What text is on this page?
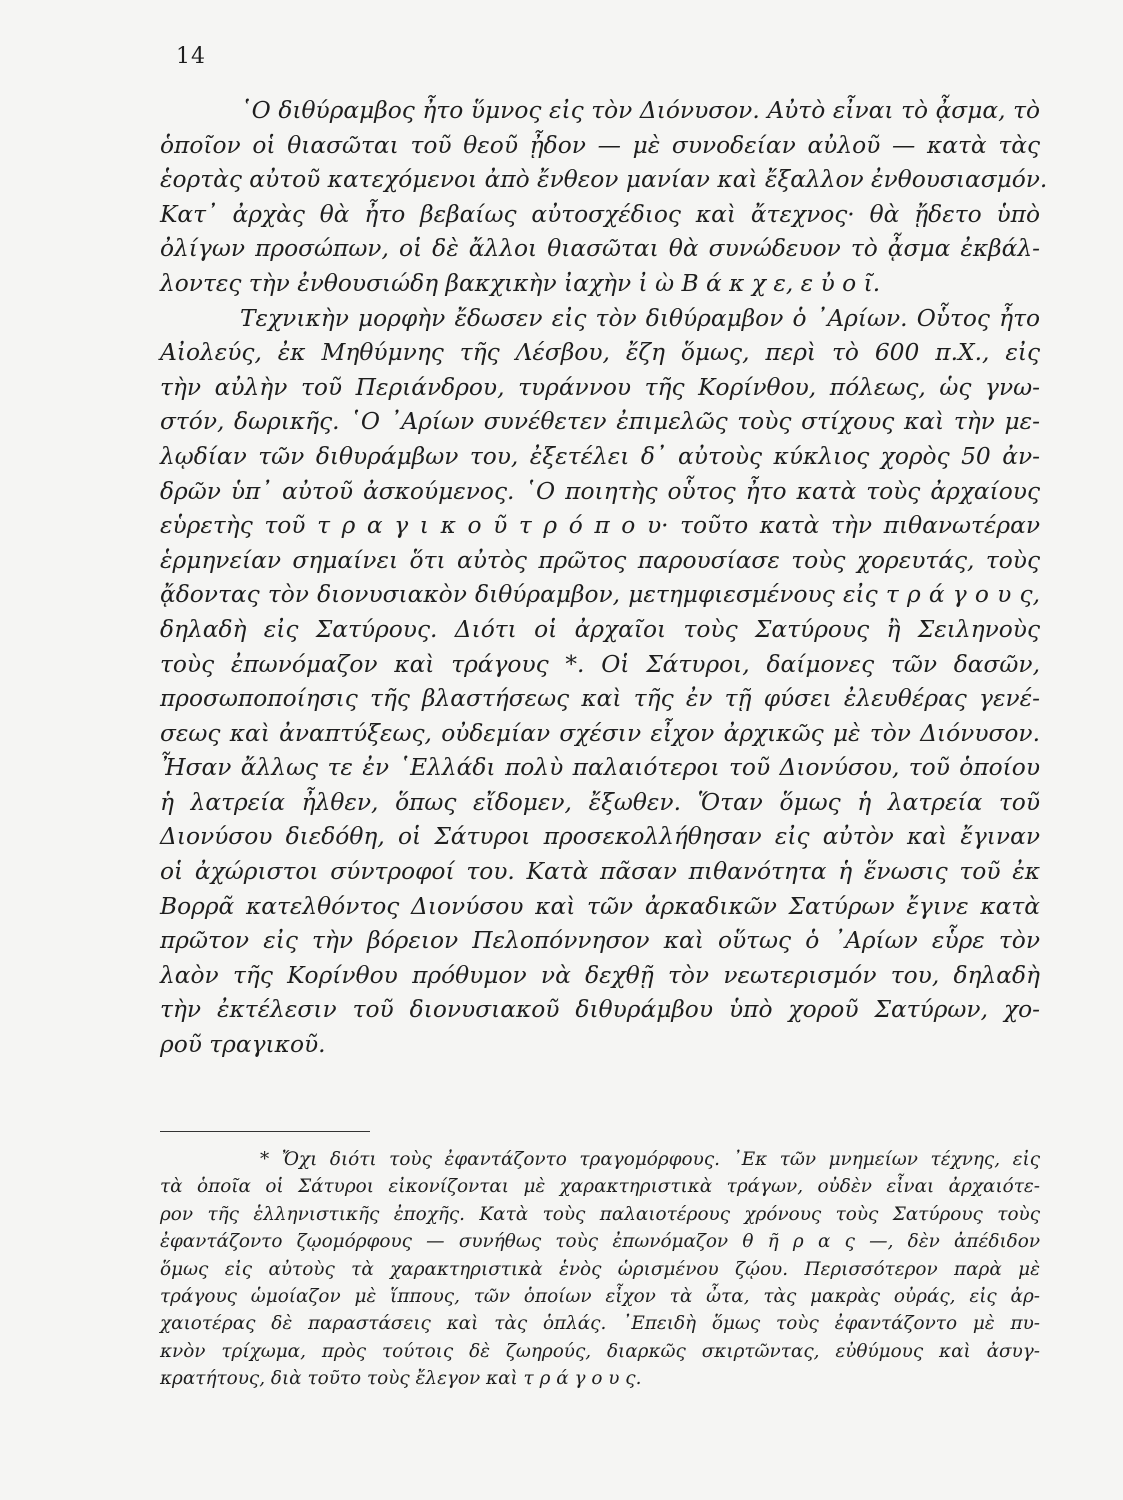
14
῾Ο διθύραμβος ἦτο ὕμνος εἰς τὸν Διόνυσον. Αὐτὸ εἶναι τὸ ᾆσμα, τὸ
ὁποῖον οἱ θιασῶται τοῦ θεοῦ ᾖδον — μὲ συνοδείαν αὐλοῦ — κατὰ τὰς
ἑορτὰς αὐτοῦ κατεχόμενοι ἀπὸ ἔνθεον μανίαν καὶ ἔξαλλον ἐνθουσιασμόν.
Κατ᾽ ἀρχὰς θὰ ἦτο βεβαίως αὐτοσχέδιος καὶ ἄτεχνος· θὰ ᾔδετο ὑπὸ
ὀλίγων προσώπων, οἱ δὲ ἄλλοι θιασῶται θὰ συνώδευον τὸ ᾆσμα ἐκβάλ-
λοντες τὴν ἐνθουσιώδη βακχικὴν ἰαχὴν ἰ ὼ Β ά κ χ ε, ε ὐ ο ῖ.
Τεχνικὴν μορφὴν ἔδωσεν εἰς τὸν διθύραμβον ὁ ᾿Αρίων. Οὗτος ἦτο
Αἰολεύς, ἐκ Μηθύμνης τῆς Λέσβου, ἔζη ὅμως, περὶ τὸ 600 π.Χ., εἰς
τὴν αὐλὴν τοῦ Περιάνδρου, τυράννου τῆς Κορίνθου, πόλεως, ὡς γνω-
στόν, δωρικῆς. ῾Ο ᾿Αρίων συνέθετεν ἐπιμελῶς τοὺς στίχους καὶ τὴν με-
λῳδίαν τῶν διθυράμβων του, ἐξετέλει δ᾽ αὐτοὺς κύκλιος χορὸς 50 ἀν-
δρῶν ὑπ᾽ αὐτοῦ ἀσκούμενος. ῾Ο ποιητὴς οὗτος ἦτο κατὰ τοὺς ἀρχαίους
εὑρετὴς τοῦ τ ρ α γ ι κ ο ῦ τ ρ ό π ο υ· τοῦτο κατὰ τὴν πιθανωτέραν
ἑρμηνείαν σημαίνει ὅτι αὐτὸς πρῶτος παρουσίασε τοὺς χορευτάς, τοὺς
ᾄδοντας τὸν διονυσιακὸν διθύραμβον, μετημφιεσμένους εἰς τ ρ ά γ ο υ ς,
δηλαδὴ εἰς Σατύρους. Διότι οἱ ἀρχαῖοι τοὺς Σατύρους ἢ Σειληνοὺς
τοὺς ἐπωνόμαζον καὶ τράγους *. Οἱ Σάτυροι, δαίμονες τῶν δασῶν,
προσωποποίησις τῆς βλαστήσεως καὶ τῆς ἐν τῇ φύσει ἐλευθέρας γενέ-
σεως καὶ ἀναπτύξεως, οὐδεμίαν σχέσιν εἶχον ἀρχικῶς μὲ τὸν Διόνυσον.
Ἦσαν ἄλλως τε ἐν ῾Ελλάδι πολὺ παλαιότεροι τοῦ Διονύσου, τοῦ ὁποίου
ἡ λατρεία ἦλθεν, ὅπως εἴδομεν, ἔξωθεν. Ὅταν ὅμως ἡ λατρεία τοῦ
Διονύσου διεδόθη, οἱ Σάτυροι προσεκολλήθησαν εἰς αὐτὸν καὶ ἔγιναν
οἱ ἀχώριστοι σύντροφοί του. Κατὰ πᾶσαν πιθανότητα ἡ ἕνωσις τοῦ ἐκ
Βορρᾶ κατελθόντος Διονύσου καὶ τῶν ἀρκαδικῶν Σατύρων ἔγινε κατὰ
πρῶτον εἰς τὴν βόρειον Πελοπόννησον καὶ οὕτως ὁ ᾿Αρίων εὗρε τὸν
λαὸν τῆς Κορίνθου πρόθυμον νὰ δεχθῇ τὸν νεωτερισμόν του, δηλαδὴ
τὴν ἐκτέλεσιν τοῦ διονυσιακοῦ διθυράμβου ὑπὸ χοροῦ Σατύρων, χο-
ροῦ τραγικοῦ.
* Ὄχι διότι τοὺς ἐφαντάζοντο τραγομόρφους. ᾿Εκ τῶν μνημείων τέχνης, εἰς
τὰ ὁποῖα οἱ Σάτυροι εἰκονίζονται μὲ χαρακτηριστικὰ τράγων, οὐδὲν εἶναι ἀρχαιότε-
ρον τῆς ἑλληνιστικῆς ἐποχῆς. Κατὰ τοὺς παλαιοτέρους χρόνους τοὺς Σατύρους τοὺς
ἐφαντάζοντο ζῳομόρφους — συνήθως τοὺς ἐπωνόμαζον θ ῆ ρ α ς —, δὲν ἀπέδιδον
ὅμως εἰς αὐτοὺς τὰ χαρακτηριστικὰ ἑνὸς ὡρισμένου ζῴου. Περισσότερον παρὰ μὲ
τράγους ὡμοίαζον μὲ ἵππους, τῶν ὁποίων εἶχον τὰ ὦτα, τὰς μακρὰς οὐράς, εἰς ἀρ-
χαιοτέρας δὲ παραστάσεις καὶ τὰς ὁπλάς. ᾿Επειδὴ ὅμως τοὺς ἐφαντάζοντο μὲ πυ-
κνὸν τρίχωμα, πρὸς τούτοις δὲ ζωηρούς, διαρκῶς σκιρτῶντας, εὐθύμους καὶ ἀσυγ-
κρατήτους, διὰ τοῦτο τοὺς ἔλεγον καὶ τ ρ ά γ ο υ ς.
